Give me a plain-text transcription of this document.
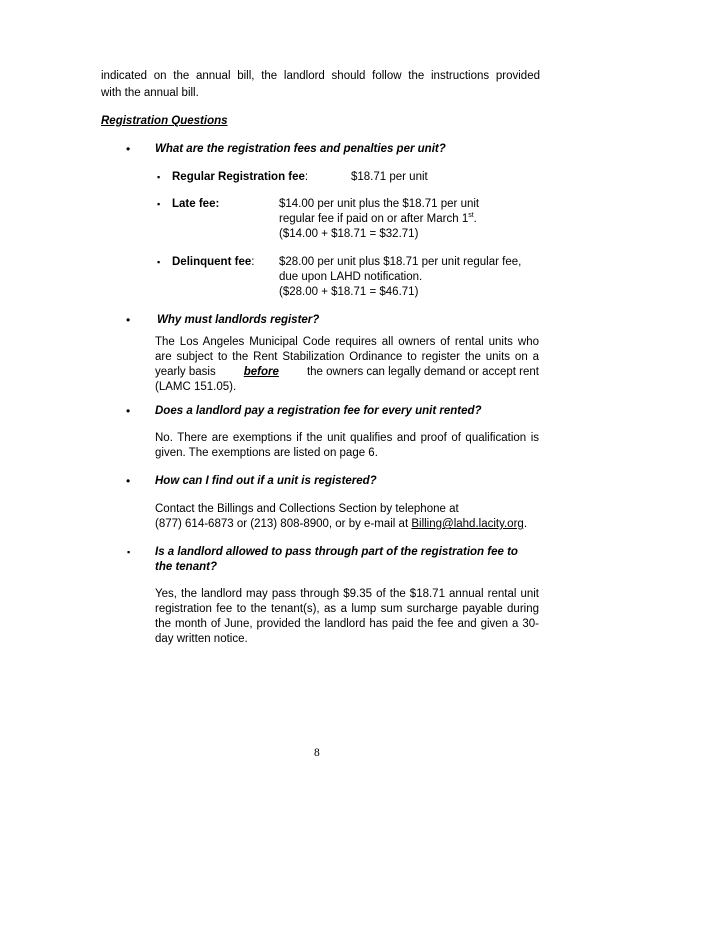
indicated on the annual bill, the landlord should follow the instructions provided
with the annual bill.
Registration Questions
• What are the registration fees and penalties per unit?
▪ Regular Registration fee:	$18.71 per unit
▪ Late fee:	$14.00 per unit plus the $18.71 per unit
regular fee if paid on or after March 1st.
($14.00 + $18.71 = $32.71)
▪ Delinquent fee: $28.00 per unit plus $18.71 per unit regular fee,
due upon LAHD notification.
($28.00 + $18.71 = $46.71)
• Why must landlords register?
The Los Angeles Municipal Code requires all owners of rental units who
are subject to the Rent Stabilization Ordinance to register the units on a
yearly basis before the owners can legally demand or accept rent
(LAMC 151.05).
• Does a landlord pay a registration fee for every unit rented?
No. There are exemptions if the unit qualifies and proof of qualification is
given. The exemptions are listed on page 6.
• How can I find out if a unit is registered?
Contact the Billings and Collections Section by telephone at
(877) 614-6873 or (213) 808-8900, or by e-mail at Billing@lahd.lacity.org.
▪ Is a landlord allowed to pass through part of the registration fee to
the tenant?
Yes, the landlord may pass through $9.35 of the $18.71 annual rental unit
registration fee to the tenant(s), as a lump sum surcharge payable during
the month of June, provided the landlord has paid the fee and given a 30-
day written notice.
8
